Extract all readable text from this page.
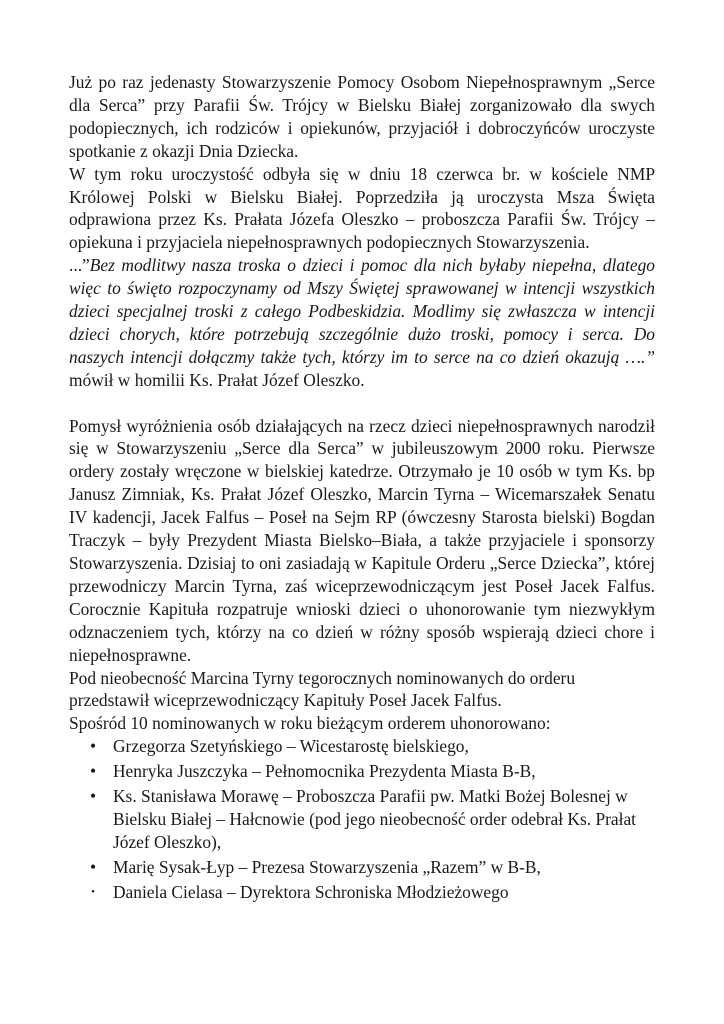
Już po raz jedenasty Stowarzyszenie Pomocy Osobom Niepełnosprawnym „Serce dla Serca” przy Parafii Św. Trójcy w Bielsku Białej zorganizowało dla swych podopiecznych, ich rodziców i opiekunów, przyjaciół i dobroczyńców uroczyste spotkanie z okazji Dnia Dziecka.

W tym roku uroczystość odbyła się w dniu 18 czerwca br. w kościele NMP Królowej Polski w Bielsku Białej. Poprzedziła ją uroczysta Msza Święta odprawiona przez Ks. Prałata Józefa Oleszko – proboszcza Parafii Św. Trójcy – opiekuna i przyjaciela niepełnosprawnych podopiecznych Stowarzyszenia.

...”Bez modlitwy nasza troska o dzieci i pomoc dla nich byłaby niepełna, dlatego więc to święto rozpoczynamy od Mszy Świętej sprawowanej w intencji wszystkich dzieci specjalnej troski z całego Podbeskidzia. Modlimy się zwłaszcza w intencji dzieci chorych, które potrzebują szczególnie dużo troski, pomocy i serca. Do naszych intencji dołączmy także tych, którzy im to serce na co dzień okazują ….” mówił w homilii Ks. Prałat Józef Oleszko.

Pomysł wyróżnienia osób działających na rzecz dzieci niepełnosprawnych narodził się w Stowarzyszeniu „Serce dla Serca” w jubileuszowym 2000 roku. Pierwsze ordery zostały wręczone w bielskiej katedrze. Otrzymało je 10 osób w tym Ks. bp Janusz Zimniak, Ks. Prałat Józef Oleszko, Marcin Tyrna – Wicemarszałek Senatu IV kadencji, Jacek Falfus – Poseł na Sejm RP (ówczesny Starosta bielski) Bogdan Traczyk – były Prezydent Miasta Bielsko–Biała, a także przyjaciele i sponsorzy Stowarzyszenia. Dzisiaj to oni zasiadają w Kapitule Orderu „Serce Dziecka”, której przewodniczy Marcin Tyrna, zaś wiceprzewodniczącym jest Poseł Jacek Falfus. Corocznie Kapituła rozpatruje wnioski dzieci o uhonorowanie tym niezwykłym odznaczeniem tych, którzy na co dzień w różny sposób wspierają dzieci chore i niepełnosprawne.

Pod nieobecność Marcina Tyrny tegorocznych nominowanych do orderu przedstawił wiceprzewodniczący Kapituły Poseł Jacek Falfus.

Spośród 10 nominowanych w roku bieżącym orderem uhonorowano:

• Grzegorza Szetyńskiego – Wicestarostę bielskiego,
• Henryka Juszczyka – Pełnomocnika Prezydenta Miasta B-B,
• Ks. Stanisława Morawę – Proboszcza Parafii pw. Matki Bożej Bolesnej w Bielsku Białej – Hałcnowie (pod jego nieobecność order odebrał Ks. Prałat Józef Oleszko),
• Marię Sysak-Łyp – Prezesa Stowarzyszenia „Razem” w B-B,
• Daniela Cielasa – Dyrektora Schroniska Młodzieżowego
